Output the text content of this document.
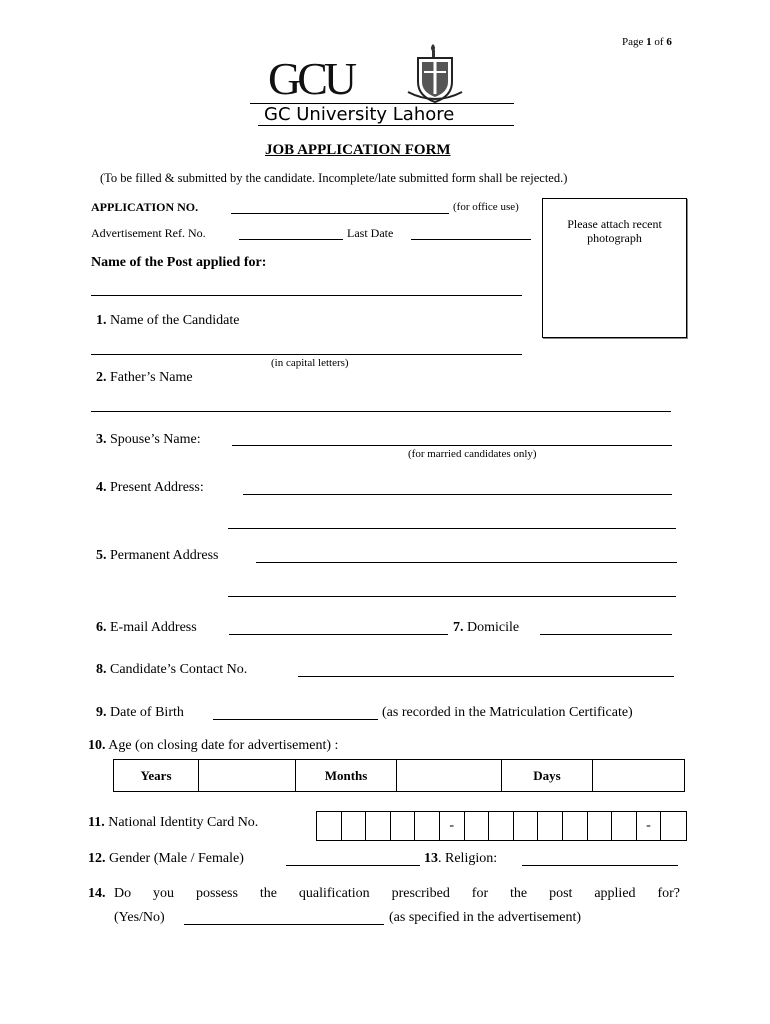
Page 1 of 6
GCU
GC University Lahore
JOB APPLICATION FORM
(To be filled & submitted by the candidate. Incomplete/late submitted form shall be rejected.)
APPLICATION NO.	(for office use)
Advertisement Ref. No.	Last Date
Please attach recent
photograph
Name of the Post applied for:
1. Name of the Candidate
(in capital letters)
2. Father’s Name
3. Spouse’s Name:
(for married candidates only)
4. Present Address:
5. Permanent Address
6. E-mail Address	7. Domicile
8. Candidate’s Contact No.
9. Date of Birth	(as recorded in the Matriculation Certificate)
10. Age (on closing date for advertisement) :
Years		Months		Days	
11. National Identity Card No.	-	-
12. Gender (Male / Female)	13. Religion:
14. Do you possess the qualification prescribed for the post applied for?
(Yes/No)	(as specified in the advertisement)
